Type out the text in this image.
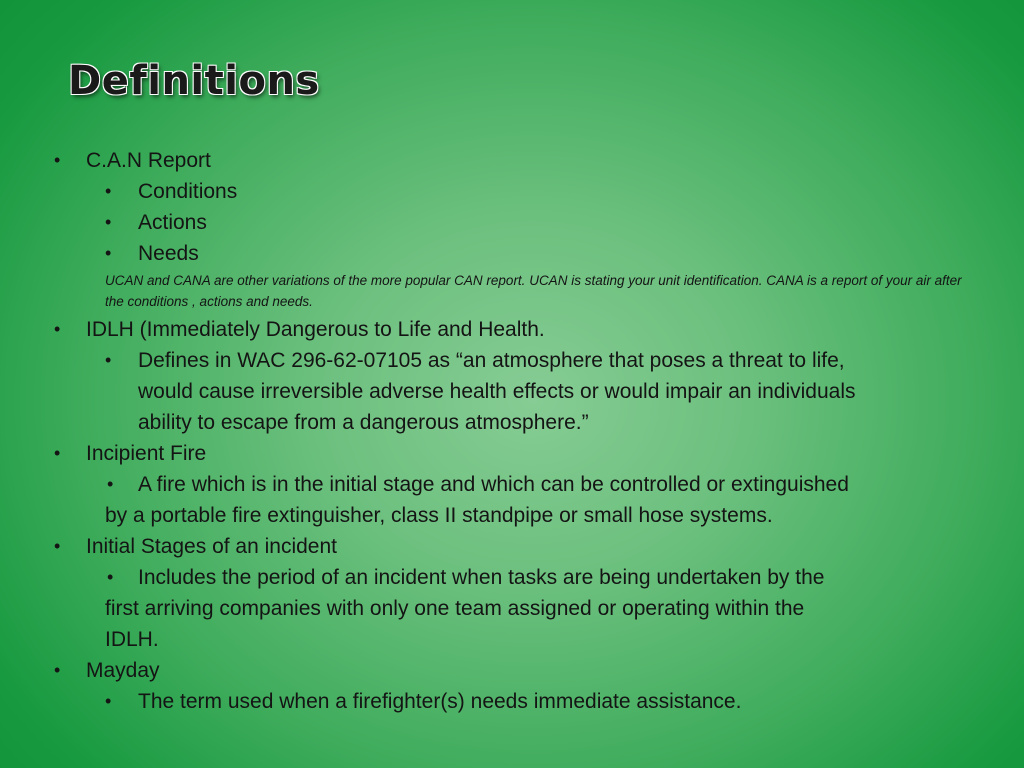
Definitions
• C.A.N Report
• Conditions
• Actions
• Needs
UCAN and CANA are other variations of the more popular CAN report. UCAN is stating your unit identification. CANA is a report of your air after the conditions , actions and needs.
• IDLH (Immediately Dangerous to Life and Health.
• Defines in WAC 296-62-07105 as “an atmosphere that poses a threat to life,
would cause irreversible adverse health effects or would impair an individuals
ability to escape from a dangerous atmosphere.”
• Incipient Fire
• A fire which is in the initial stage and which can be controlled or extinguished
by a portable fire extinguisher, class II standpipe or small hose systems.
• Initial Stages of an incident
• Includes the period of an incident when tasks are being undertaken by the
first arriving companies with only one team assigned or operating within the
IDLH.
• Mayday
• The term used when a firefighter(s) needs immediate assistance.
